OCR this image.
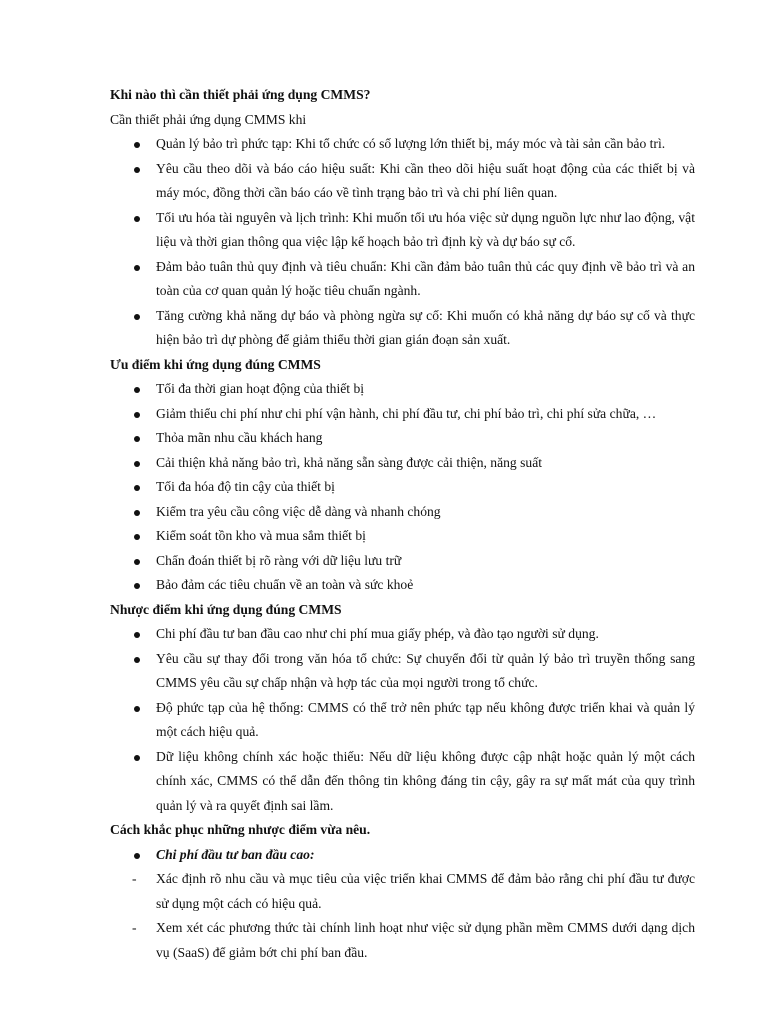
Khi nào thì cần thiết phải ứng dụng CMMS?

Cần thiết phải ứng dụng CMMS khi

Quản lý bảo trì phức tạp: Khi tổ chức có số lượng lớn thiết bị, máy móc và tài sản cần bảo trì.
Yêu cầu theo dõi và báo cáo hiệu suất: Khi cần theo dõi hiệu suất hoạt động của các thiết bị và máy móc, đồng thời cần báo cáo về tình trạng bảo trì và chi phí liên quan.
Tối ưu hóa tài nguyên và lịch trình: Khi muốn tối ưu hóa việc sử dụng nguồn lực như lao động, vật liệu và thời gian thông qua việc lập kế hoạch bảo trì định kỳ và dự báo sự cố.
Đảm bảo tuân thủ quy định và tiêu chuẩn: Khi cần đảm bảo tuân thủ các quy định về bảo trì và an toàn của cơ quan quản lý hoặc tiêu chuẩn ngành.
Tăng cường khả năng dự báo và phòng ngừa sự cố: Khi muốn có khả năng dự báo sự cố và thực hiện bảo trì dự phòng để giảm thiểu thời gian gián đoạn sản xuất.

Ưu điểm khi ứng dụng đúng CMMS

Tối đa thời gian hoạt động của thiết bị
Giảm thiểu chi phí như chi phí vận hành, chi phí đầu tư, chi phí bảo trì, chi phí sửa chữa, …
Thỏa mãn nhu cầu khách hang
Cải thiện khả năng bảo trì, khả năng sẵn sàng được cải thiện, năng suất
Tối đa hóa độ tin cậy của thiết bị
Kiểm tra yêu cầu công việc dễ dàng và nhanh chóng
Kiểm soát tồn kho và mua sắm thiết bị
Chẩn đoán thiết bị rõ ràng với dữ liệu lưu trữ
Bảo đảm các tiêu chuẩn về an toàn và sức khoẻ

Nhược điểm khi ứng dụng đúng CMMS

Chi phí đầu tư ban đầu cao như chi phí mua giấy phép, và đào tạo người sử dụng.
Yêu cầu sự thay đổi trong văn hóa tổ chức: Sự chuyển đổi từ quản lý bảo trì truyền thống sang CMMS yêu cầu sự chấp nhận và hợp tác của mọi người trong tổ chức.
Độ phức tạp của hệ thống: CMMS có thể trở nên phức tạp nếu không được triển khai và quản lý một cách hiệu quả.
Dữ liệu không chính xác hoặc thiếu: Nếu dữ liệu không được cập nhật hoặc quản lý một cách chính xác, CMMS có thể dẫn đến thông tin không đáng tin cậy, gây ra sự mất mát của quy trình quản lý và ra quyết định sai lầm.

Cách khắc phục những nhược điểm vừa nêu.

Chi phí đầu tư ban đầu cao:
- Xác định rõ nhu cầu và mục tiêu của việc triển khai CMMS để đảm bảo rằng chi phí đầu tư được sử dụng một cách có hiệu quả.
- Xem xét các phương thức tài chính linh hoạt như việc sử dụng phần mềm CMMS dưới dạng dịch vụ (SaaS) để giảm bớt chi phí ban đầu.
